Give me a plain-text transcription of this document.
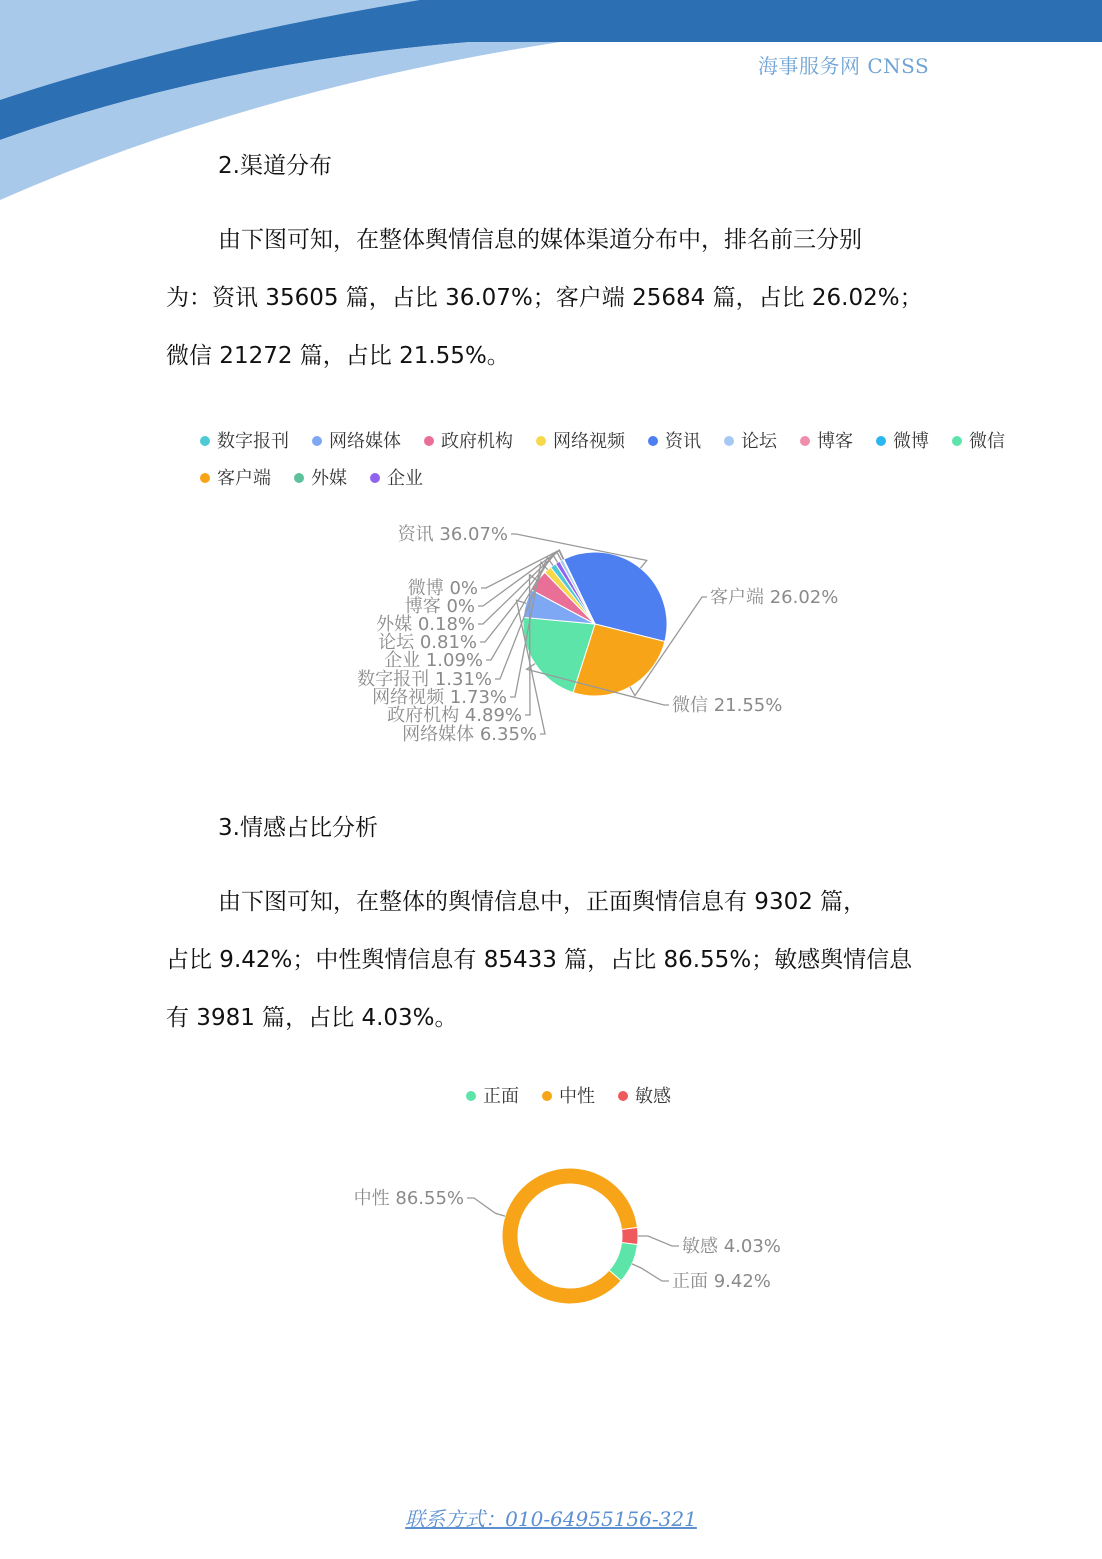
海事服务网 CNSS
2.渠道分布
由下图可知，在整体舆情信息的媒体渠道分布中，排名前三分别
为：资讯 35605 篇，占比 36.07%；客户端 25684 篇，占比 26.02%；
微信 21272 篇，占比 21.55%。
数字报刊 网络媒体 政府机构 网络视频 资讯 论坛 博客 微博 微信
客户端 外媒 企业
数字报刊 1.31%
网络媒体 6.35%
政府机构 4.89%
网络视频 1.73%
资讯 36.07%
论坛 0.81%
博客 0%
微博 0%
微信 21.55%
客户端 26.02%
外媒 0.18%
企业 1.09%
3.情感占比分析
由下图可知，在整体的舆情信息中，正面舆情信息有 9302 篇，
占比 9.42%；中性舆情信息有 85433 篇，占比 86.55%；敏感舆情信息
有 3981 篇，占比 4.03%。
正面 中性 敏感
正面 9.42%
中性 86.55%
敏感 4.03%
联系方式：010-64955156-321
